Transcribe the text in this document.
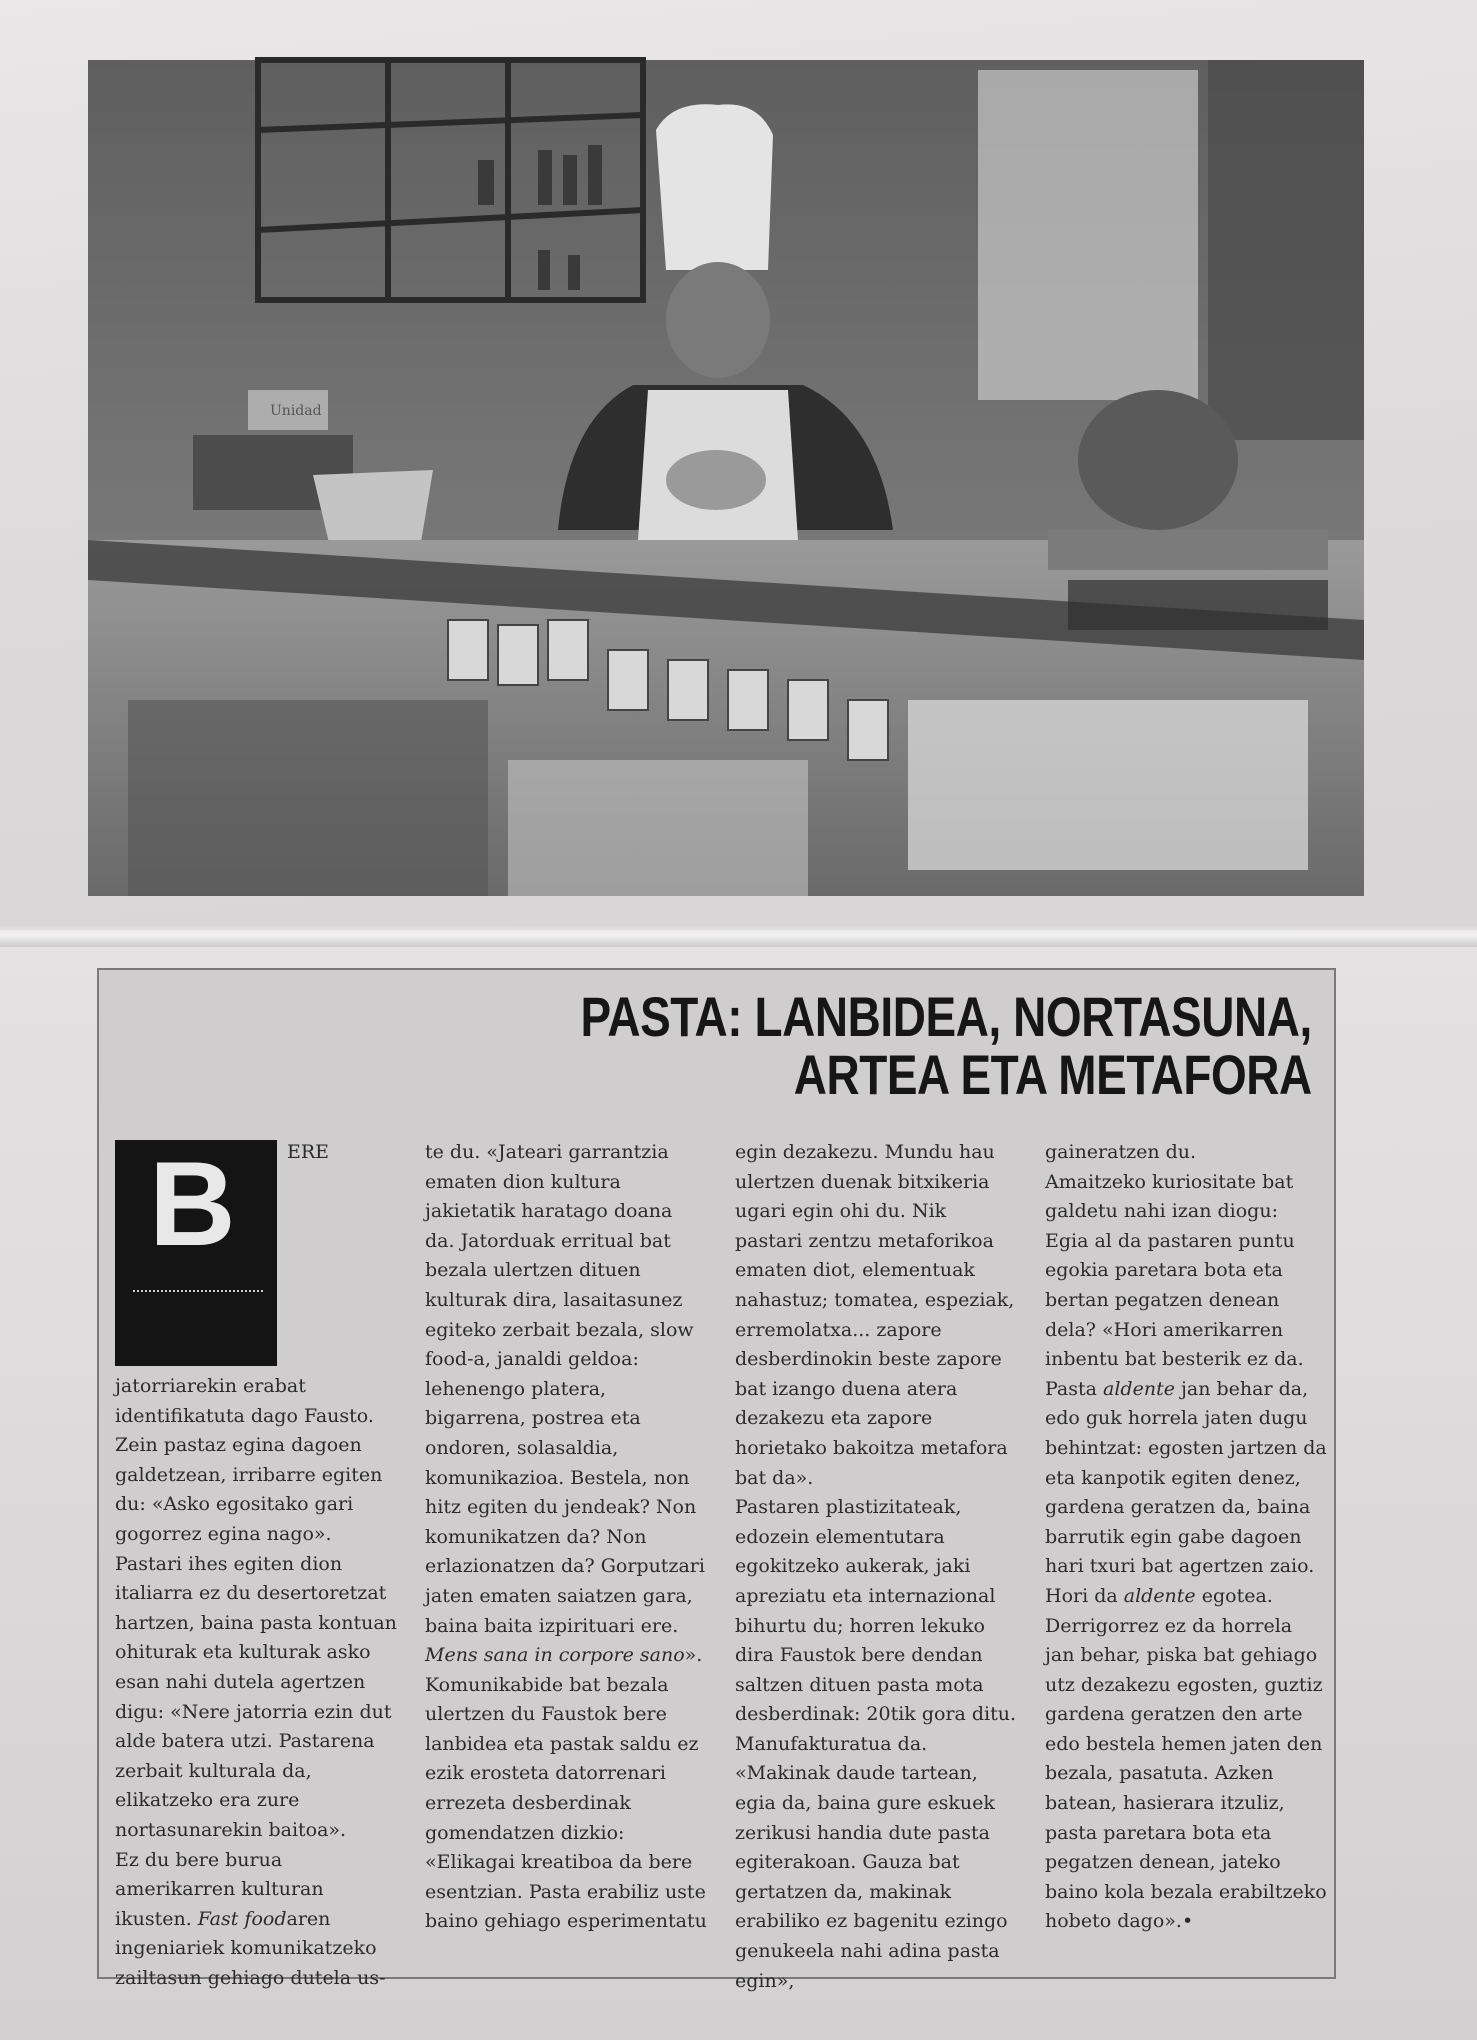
Unidad
PASTA: LANBIDEA, NORTASUNA,
ARTEA ETA METAFORA
B	ERE jatorriarekin erabat identifikatuta dago Fausto. Zein pastaz egina dagoen galdetzean, irribarre egiten du: «Asko egositako gari gogorrez egina nago».

Pastari ihes egiten dion italiarra ez du desertoretzat hartzen, baina pasta kontuan ohiturak eta kulturak asko esan nahi dutela agertzen digu: «Nere jatorria ezin dut alde batera utzi. Pastarena zerbait kulturala da, elikatzeko era zure nortasunarekin baitoa».

Ez du bere burua amerikarren kulturan ikusten. Fast foodaren ingeniariek komunikatzeko zailtasun gehiago dutela us-

te du. «Jateari garrantzia ematen dion kultura jakietatik haratago doana da. Jatorduak erritual bat bezala ulertzen dituen kulturak dira, lasaitasunez egiteko zerbait bezala, slow food-a, janaldi geldoa: lehenengo platera, bigarrena, postrea eta ondoren, solasaldia, komunikazioa. Bestela, non hitz egiten du jendeak? Non komunikatzen da? Non erlazionatzen da? Gorputzari jaten ematen saiatzen gara, baina baita izpirituari ere. Mens sana in corpore sano».

Komunikabide bat bezala ulertzen du Faustok bere lanbidea eta pastak saldu ez ezik erosteta datorrenari errezeta desberdinak gomendatzen dizkio: «Elikagai kreatiboa da bere esentzian. Pasta erabiliz uste baino gehiago esperimentatu

egin dezakezu. Mundu hau ulertzen duenak bitxikeria ugari egin ohi du. Nik pastari zentzu metaforikoa ematen diot, elementuak nahastuz; tomatea, espeziak, erremolatxa... zapore desberdinokin beste zapore bat izango duena atera dezakezu eta zapore horietako bakoitza metafora bat da».

Pastaren plastizitateak, edozein elementutara egokitzeko aukerak, jaki apreziatu eta internazional bihurtu du; horren lekuko dira Faustok bere dendan saltzen dituen pasta mota desberdinak: 20tik gora ditu. Manufakturatua da. «Makinak daude tartean, egia da, baina gure eskuek zerikusi handia dute pasta egiterakoan. Gauza bat gertatzen da, makinak erabiliko ez bagenitu ezingo genukeela nahi adina pasta egin»,

gaineratzen du.

Amaitzeko kuriositate bat galdetu nahi izan diogu: Egia al da pastaren puntu egokia paretara bota eta bertan pegatzen denean dela? «Hori amerikarren inbentu bat besterik ez da. Pasta aldente jan behar da, edo guk horrela jaten dugu behintzat: egosten jartzen da eta kanpotik egiten denez, gardena geratzen da, baina barrutik egin gabe dagoen hari txuri bat agertzen zaio. Hori da aldente egotea. Derrigorrez ez da horrela jan behar, piska bat gehiago utz dezakezu egosten, guztiz gardena geratzen den arte edo bestela hemen jaten den bezala, pasatuta. Azken batean, hasierara itzuliz, pasta paretara bota eta pegatzen denean, jateko baino kola bezala erabiltzeko hobeto dago».•
